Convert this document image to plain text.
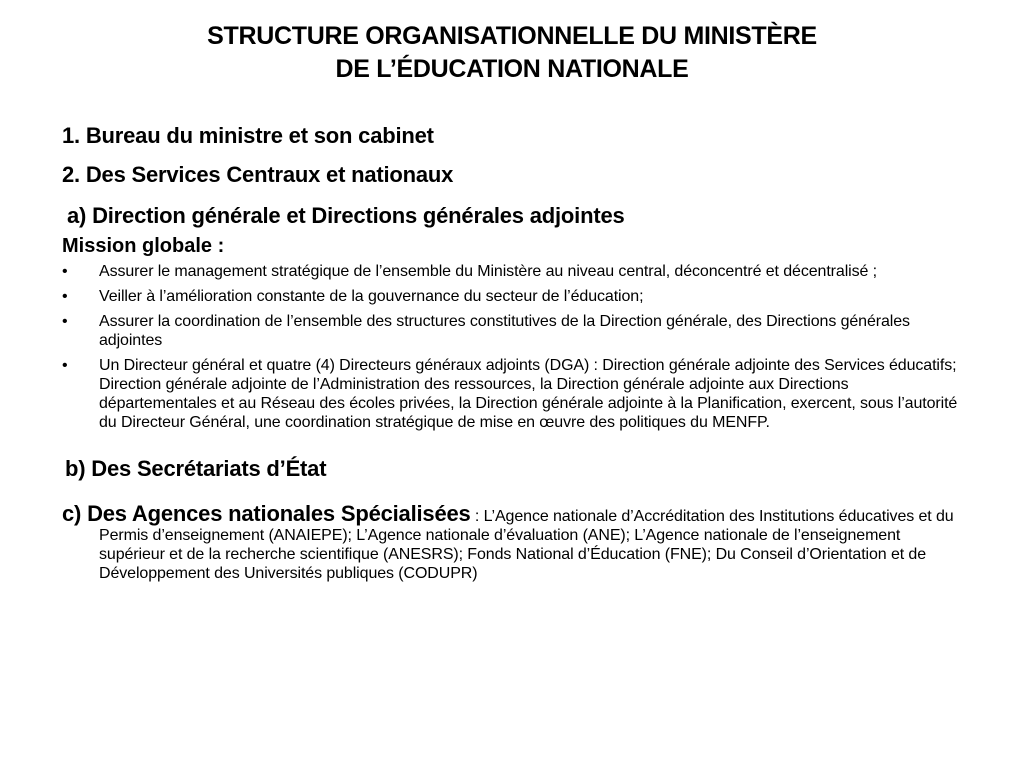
STRUCTURE ORGANISATIONNELLE DU MINISTÈRE
DE L’ÉDUCATION NATIONALE
1. Bureau du ministre et son cabinet
2. Des Services Centraux et nationaux
a) Direction générale et Directions générales adjointes
Mission globale :
• Assurer le management stratégique de l’ensemble du Ministère au niveau central, déconcentré et décentralisé ;
• Veiller à l’amélioration constante de la gouvernance du secteur de l’éducation;
• Assurer la coordination de l’ensemble des structures constitutives de la Direction générale, des Directions générales adjointes
• Un Directeur général et quatre (4) Directeurs généraux adjoints (DGA) : Direction générale adjointe des Services éducatifs; Direction générale adjointe de l’Administration des ressources, la Direction générale adjointe aux Directions départementales et au Réseau des écoles privées, la Direction générale adjointe à la Planification, exercent, sous l’autorité du Directeur Général, une coordination stratégique de mise en œuvre des politiques du MENFP.
b) Des Secrétariats d’État
c) Des Agences nationales Spécialisées : L’Agence nationale d’Accréditation des Institutions éducatives et du Permis d’enseignement (ANAIEPE); L’Agence nationale d’évaluation (ANE); L’Agence nationale de l’enseignement supérieur et de la recherche scientifique (ANESRS); Fonds National d’Éducation (FNE); Du Conseil d’Orientation et de Développement des Universités publiques (CODUPR)
